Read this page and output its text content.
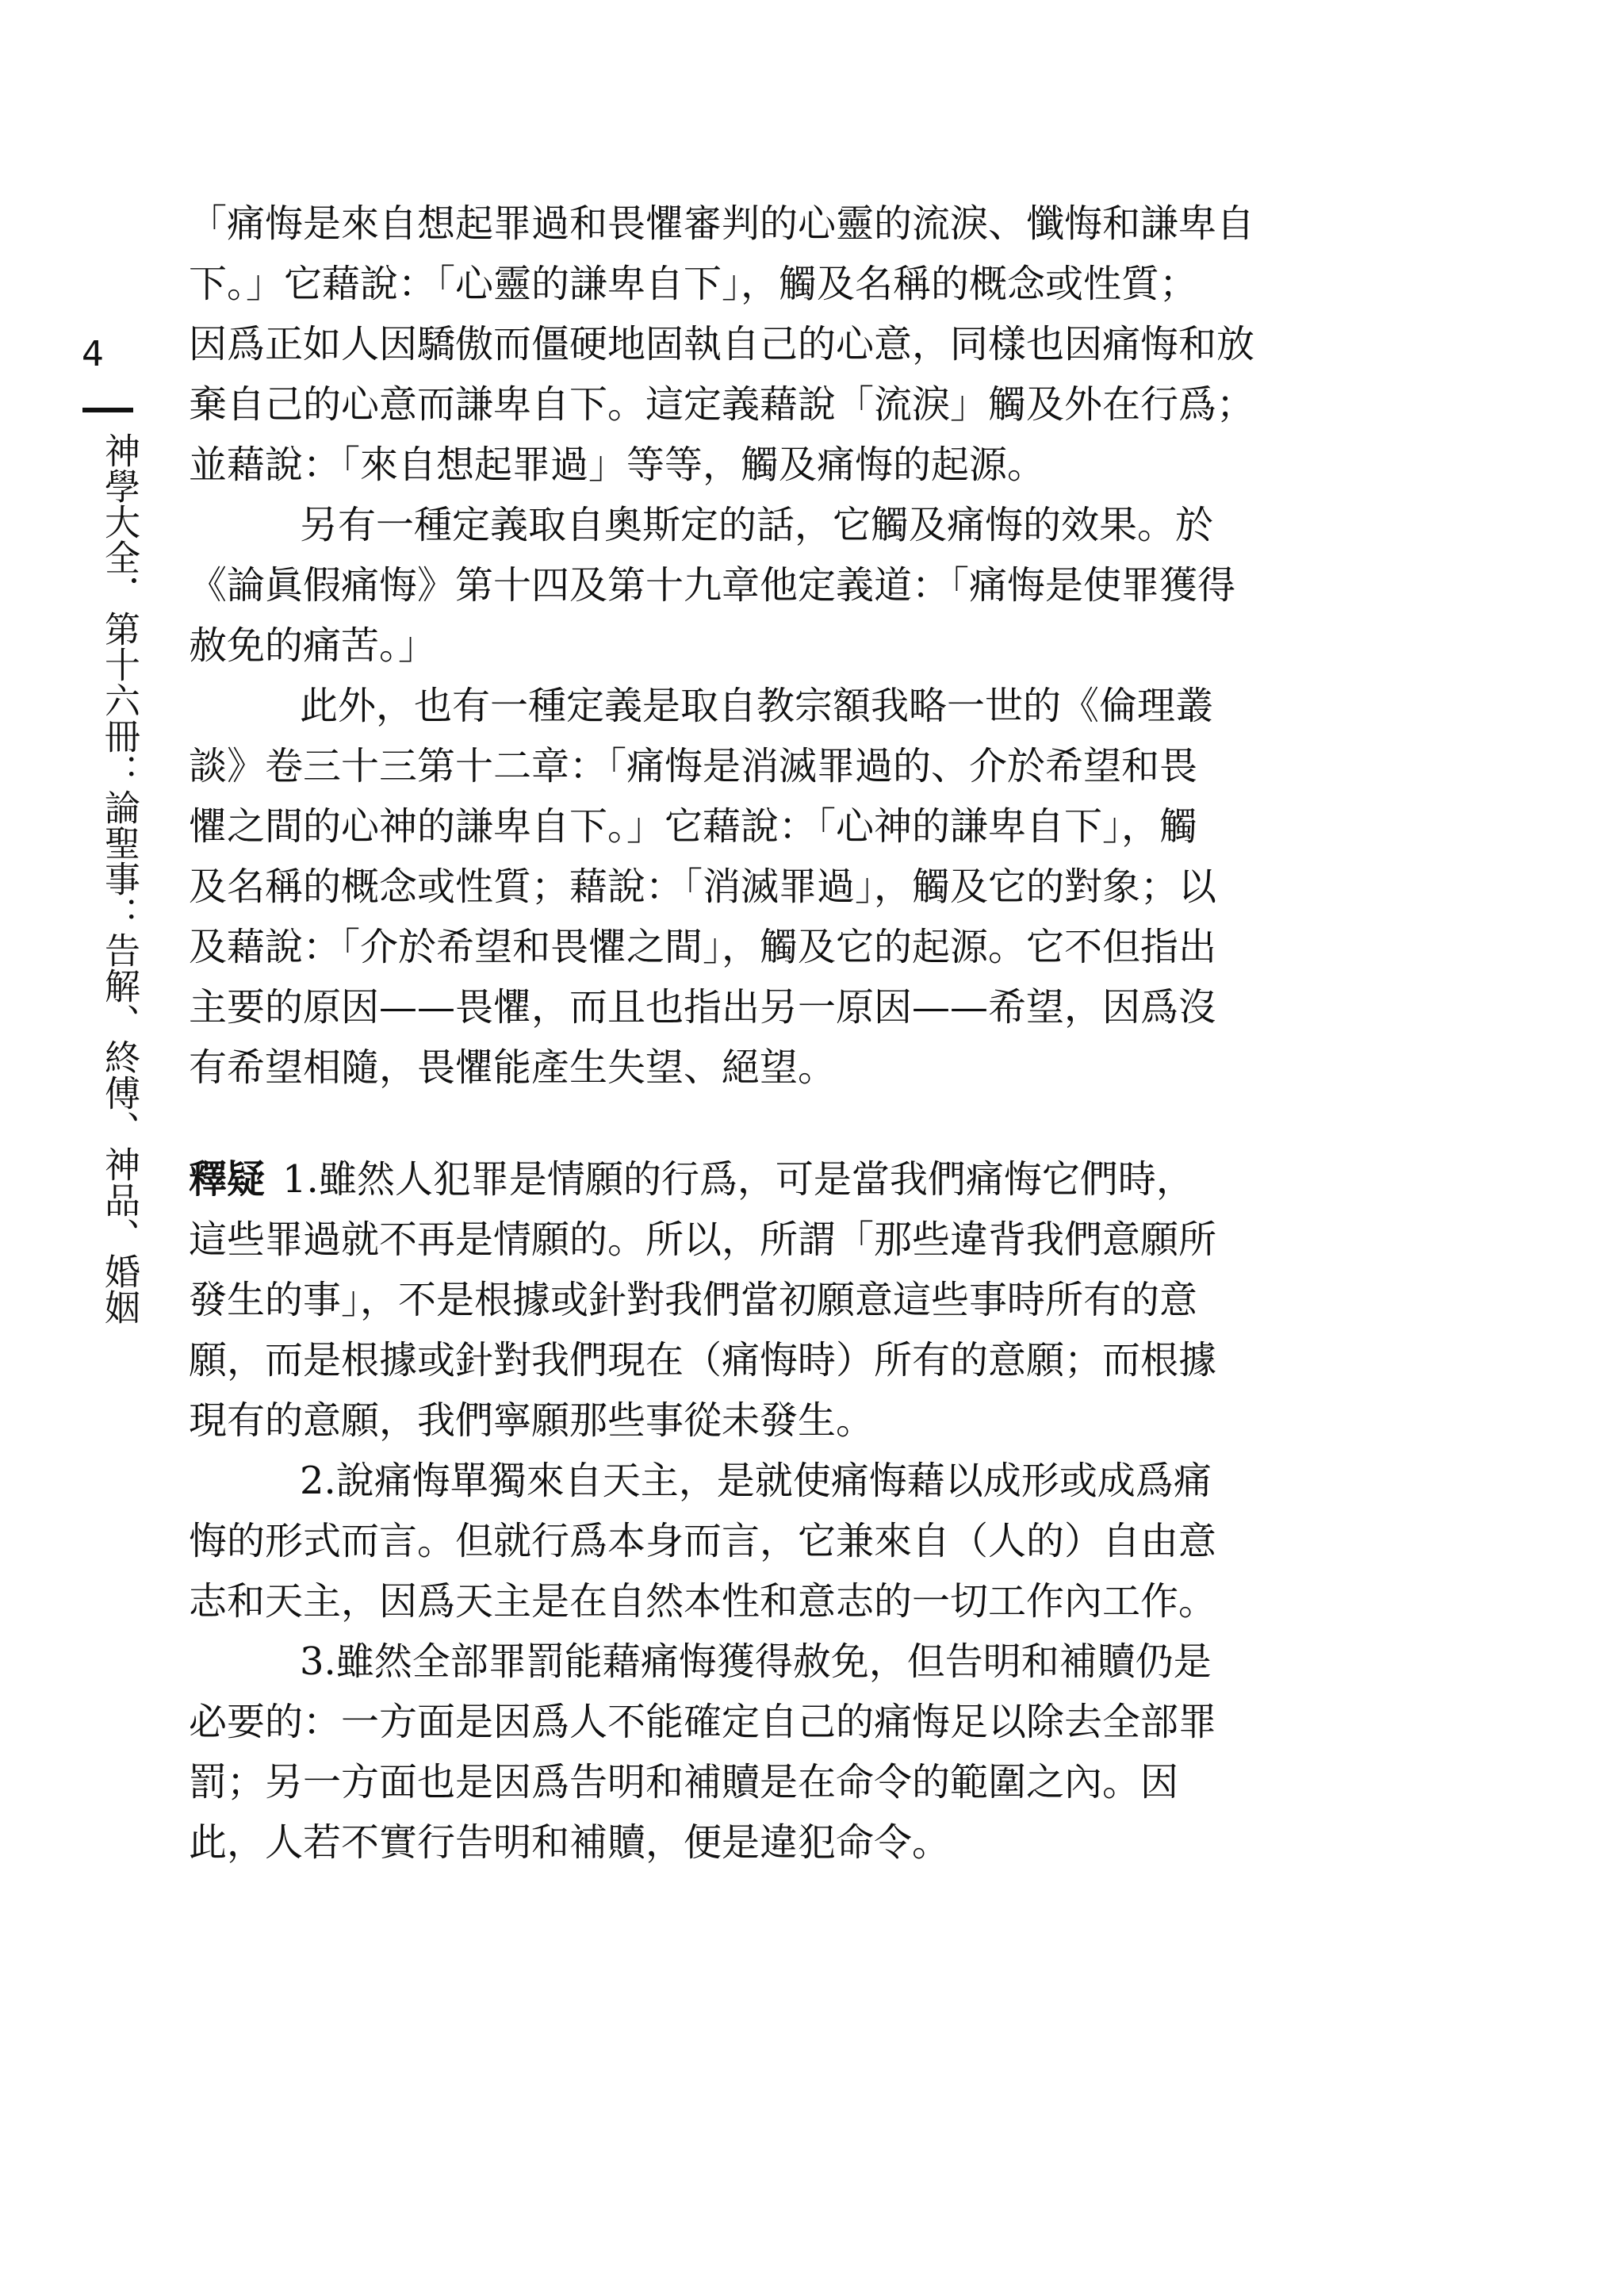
4
神學大全．第十六冊：論聖事：告解、終傅、神品、婚姻
「痛悔是來自想起罪過和畏懼審判的心靈的流淚、懺悔和謙卑自
下。」它藉說：「心靈的謙卑自下」，觸及名稱的概念或性質；
因爲正如人因驕傲而僵硬地固執自己的心意，同樣也因痛悔和放
棄自己的心意而謙卑自下。這定義藉說「流淚」觸及外在行爲；
並藉說：「來自想起罪過」等等，觸及痛悔的起源。
另有一種定義取自奧斯定的話，它觸及痛悔的效果。於
《論眞假痛悔》第十四及第十九章他定義道：「痛悔是使罪獲得
赦免的痛苦。」
此外，也有一種定義是取自教宗額我略一世的《倫理叢
談》卷三十三第十二章：「痛悔是消滅罪過的、介於希望和畏
懼之間的心神的謙卑自下。」它藉說：「心神的謙卑自下」，觸
及名稱的概念或性質；藉說：「消滅罪過」，觸及它的對象；以
及藉說：「介於希望和畏懼之間」，觸及它的起源。它不但指出
主要的原因——畏懼，而且也指出另一原因——希望，因爲沒
有希望相隨，畏懼能產生失望、絕望。
釋疑 1.雖然人犯罪是情願的行爲，可是當我們痛悔它們時，
這些罪過就不再是情願的。所以，所謂「那些違背我們意願所
發生的事」，不是根據或針對我們當初願意這些事時所有的意
願，而是根據或針對我們現在（痛悔時）所有的意願；而根據
現有的意願，我們寧願那些事從未發生。
2.說痛悔單獨來自天主，是就使痛悔藉以成形或成爲痛
悔的形式而言。但就行爲本身而言，它兼來自（人的）自由意
志和天主，因爲天主是在自然本性和意志的一切工作內工作。
3.雖然全部罪罰能藉痛悔獲得赦免，但告明和補贖仍是
必要的：一方面是因爲人不能確定自己的痛悔足以除去全部罪
罰；另一方面也是因爲告明和補贖是在命令的範圍之內。因
此，人若不實行告明和補贖，便是違犯命令。
